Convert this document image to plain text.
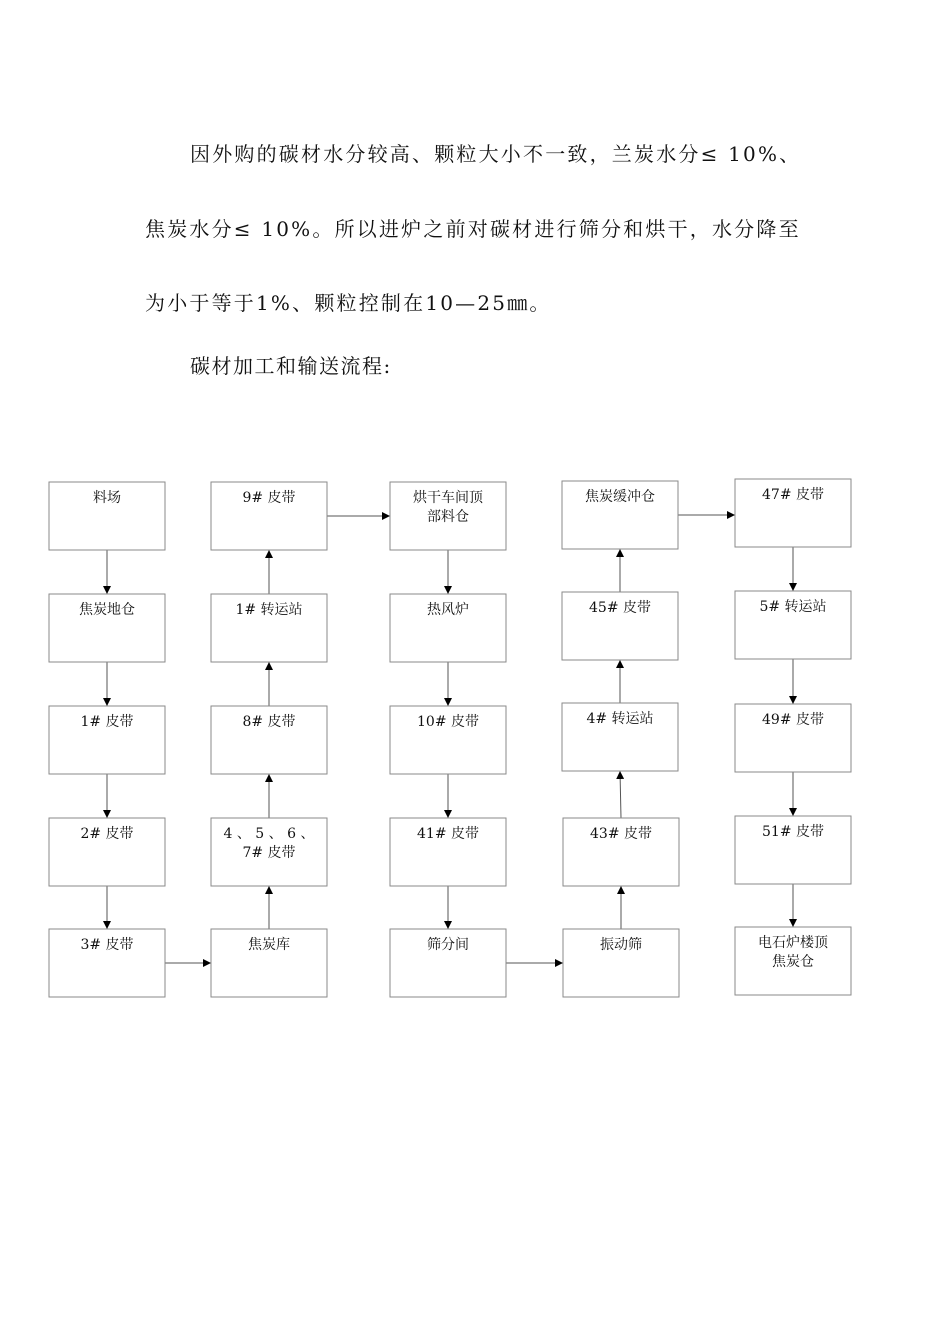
因外购的碳材水分较高、颗粒大小不一致，兰炭水分≤ 10%、

焦炭水分≤ 10%。所以进炉之前对碳材进行筛分和烘干，水分降至

为小于等于1%、颗粒控制在10—25㎜。

碳材加工和输送流程:

料场
焦炭地仓
1# 皮带
2# 皮带
3# 皮带
9# 皮带
1# 转运站
8# 皮带
4 、 5 、 6 、
7# 皮带
焦炭库
烘干车间顶
部料仓
热风炉
10# 皮带
41# 皮带
筛分间
焦炭缓冲仓
45# 皮带
4# 转运站
43# 皮带
振动筛
47# 皮带
5# 转运站
49# 皮带
51# 皮带
电石炉楼顶
焦炭仓
